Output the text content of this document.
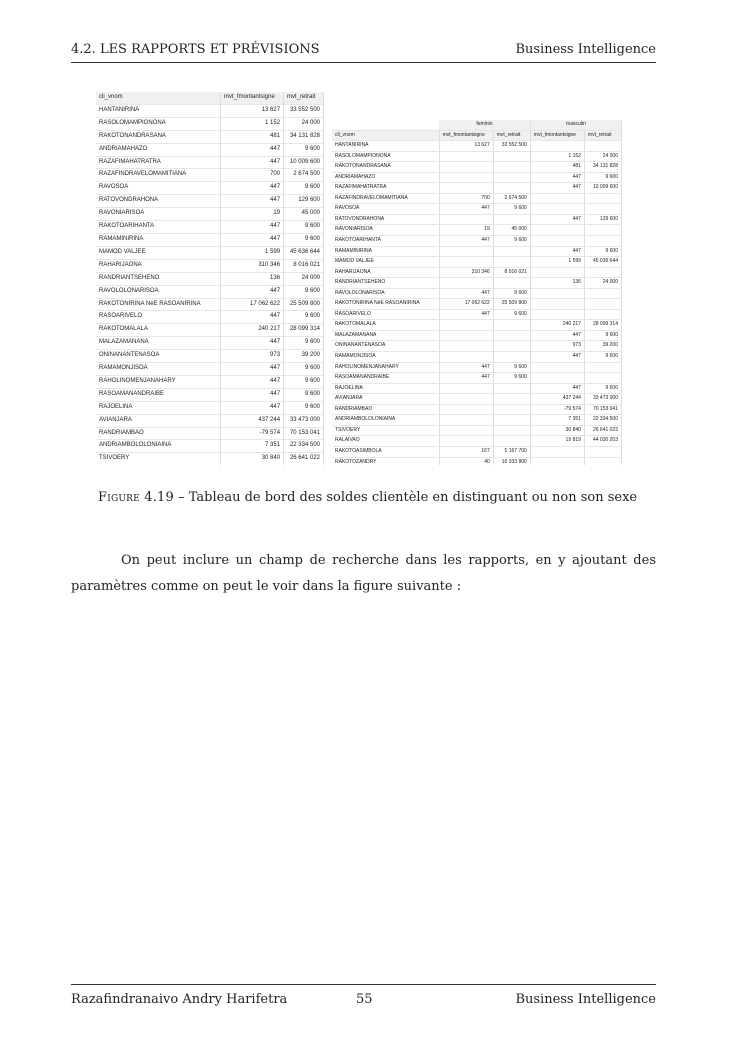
4.2. LES RAPPORTS ET PRÉVISIONS	Business Intelligence
cli_vnom	mvt_fmontantsigne	mvt_retrait
HANTANIRINA	13 627	33 552 500
RASOLOMAMPIONONA	1 152	24 000
RAKOTONANDRASANA	481	34 131 828
ANDRIAMAHAZO	447	9 600
RAZAFIMAHATRATRA	447	10 009 600
RAZAFINDRAVELOMAMITIANA	700	2 674 500
RAVOSOA	447	9 600
RATOVONDRAHONA	447	129 600
RAVONIARISOA	19	45 000
RAKOTOARIHANTA	447	9 600
RAMAMINIRINA	447	9 600
MAMOD VALJEE	1 599	45 636 644
RAHARIJAONA	310 346	8 016 021
RANDRIANTSEHENO	136	24 000
RAVOLOLONARISOA	447	9 600
RAKOTONIRINA NéE RASOANIRINA	17 062 622	25 509 800
RASOARIVELO	447	9 600
RAKOTOMALALA	240 217	28 099 314
MALAZAMANANA	447	9 600
ONINANANTENASOA	973	39 200
RAMAMONJISOA	447	9 600
RAHOLINOMENJANAHARY	447	9 600
RASOAMANANDRAIBE	447	9 600
RAJOELINA	447	9 600
AVIANJARA	437 244	33 473 000
RANDRIAMBAO	-79 574	70 153 041
ANDRIAMBOLOLONIAINA	7 351	22 334 500
TSIVOERY	30 840	26 641 022

	feminin		masculin	
cli_vnom	mvt_fmontantsigne	mvt_retrait	mvt_fmontantsigne	mvt_retrait
HANTANIRINA	13 627	33 552 500		
RASOLOMAMPIONONA			1 152	24 000
RAKOTONANDRASANA			481	34 131 828
ANDRIAMAHAZO			447	9 600
RAZAFIMAHATRATRA			447	10 009 600
RAZAFINDRAVELOMAMITIANA	700	2 674 500		
RAVOSOA	447	9 600		
RATOVONDRAHONA			447	129 600
RAVONIARISOA	19	45 000		
RAKOTOARIHANTA	447	9 600		
RAMAMINIRINA			447	9 600
MAMOD VALJEE			1 599	45 036 644
RAHARIJAONA	310 346	8 016 021		
RANDRIANTSEHENO			136	24 000
RAVOLOLONARISOA	447	9 600		
RAKOTONIRINA NéE RASOANIRINA	17 062 622	25 509 800		
RASOARIVELO	447	9 600		
RAKOTOMALALA			240 217	28 099 314
MALAZAMANANA			447	9 600
ONINANANTENASOA			973	39 200
RAMAMONJISOA			447	9 600
RAHOLINOMENJANAHARY	447	9 600		
RASOAMANANDRAIBE	447	9 600		
RAJOELINA			447	9 600
AVIANJARA			437 244	33 473 000
RANDRIAMBAO			-79 574	70 153 041
ANDRIAMBOLOLONIAINA			7 351	22 334 500
TSIVOERY			30 840	26 641 022
RALAIVAO			19 819	44 030 203
RAKOTOASIMBOLA	167	5 167 700		
RAKOTOZANDRY	40	10 333 800		
Figure 4.19 – Tableau de bord des soldes clientèle en distinguant ou non son sexe

On peut inclure un champ de recherche dans les rapports, en y ajoutant des paramètres comme on peut le voir dans la figure suivante :

Razafindranaivo Andry Harifetra	55	Business Intelligence
